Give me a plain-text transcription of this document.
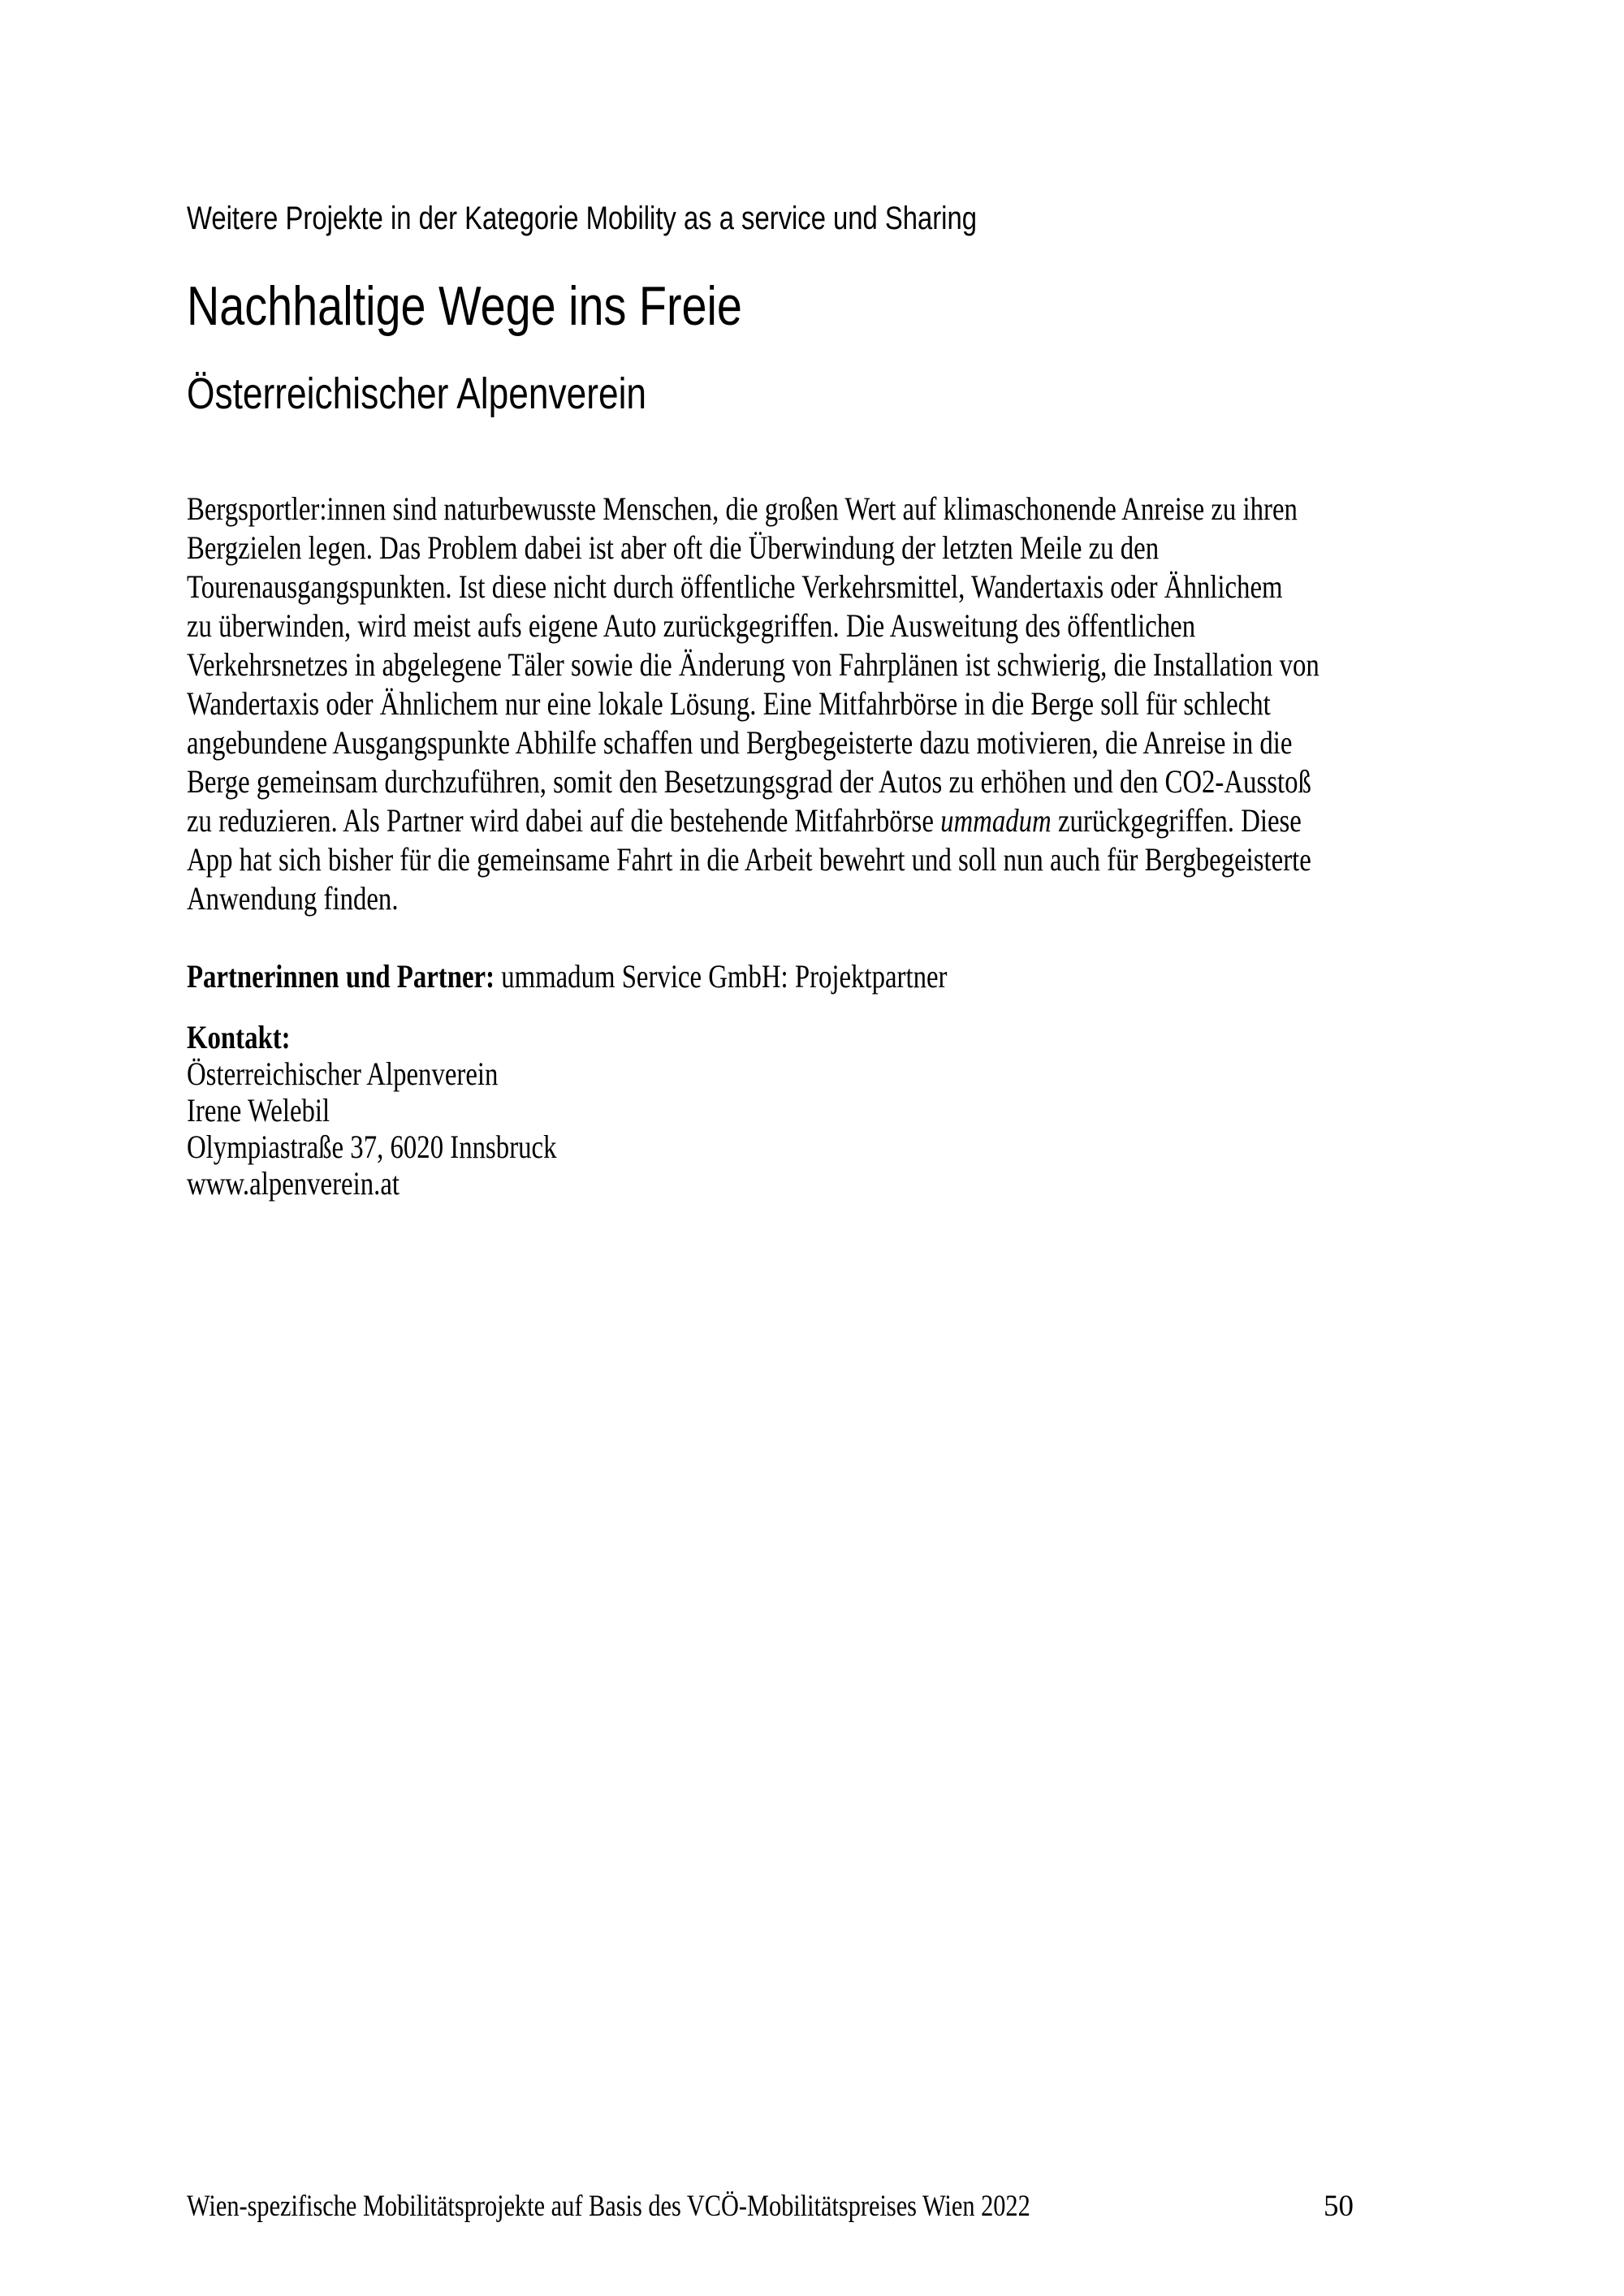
Weitere Projekte in der Kategorie Mobility as a service und Sharing
Nachhaltige Wege ins Freie
Österreichischer Alpenverein
Bergsportler:innen sind naturbewusste Menschen, die großen Wert auf klimaschonende Anreise zu ihren
Bergzielen legen. Das Problem dabei ist aber oft die Überwindung der letzten Meile zu den
Tourenausgangspunkten. Ist diese nicht durch öffentliche Verkehrsmittel, Wandertaxis oder Ähnlichem
zu überwinden, wird meist aufs eigene Auto zurückgegriffen. Die Ausweitung des öffentlichen
Verkehrsnetzes in abgelegene Täler sowie die Änderung von Fahrplänen ist schwierig, die Installation von
Wandertaxis oder Ähnlichem nur eine lokale Lösung. Eine Mitfahrbörse in die Berge soll für schlecht
angebundene Ausgangspunkte Abhilfe schaffen und Bergbegeisterte dazu motivieren, die Anreise in die
Berge gemeinsam durchzuführen, somit den Besetzungsgrad der Autos zu erhöhen und den CO2-Ausstoß
zu reduzieren. Als Partner wird dabei auf die bestehende Mitfahrbörse ummadum zurückgegriffen. Diese
App hat sich bisher für die gemeinsame Fahrt in die Arbeit bewehrt und soll nun auch für Bergbegeisterte
Anwendung finden.
Partnerinnen und Partner: ummadum Service GmbH: Projektpartner
Kontakt:
Österreichischer Alpenverein
Irene Welebil
Olympiastraße 37, 6020 Innsbruck
www.alpenverein.at
Wien-spezifische Mobilitätsprojekte auf Basis des VCÖ-Mobilitätspreises Wien 2022	50
